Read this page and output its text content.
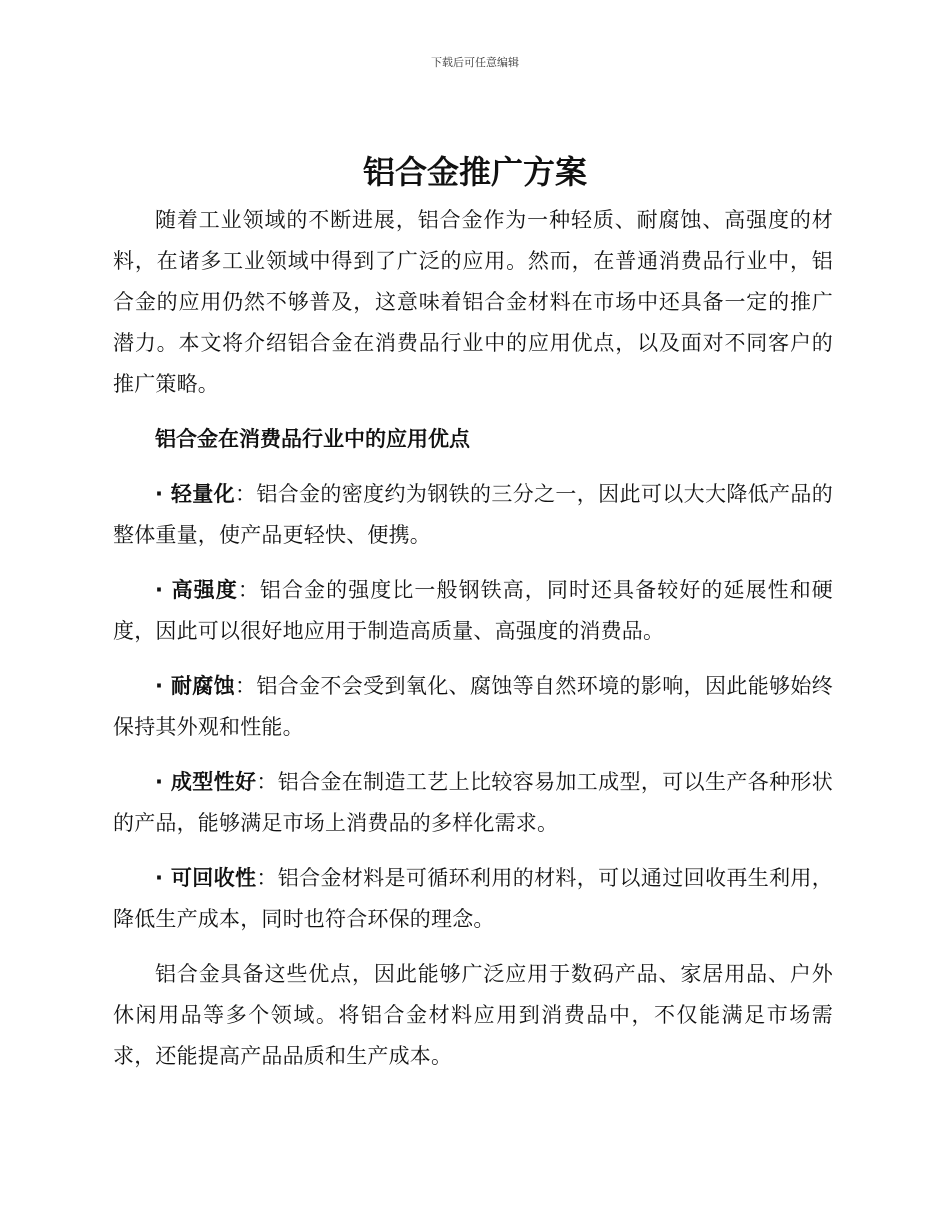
下载后可任意编辑
铝合金推广方案

随着工业领域的不断进展，铝合金作为一种轻质、耐腐蚀、高强度的材料，在诸多工业领域中得到了广泛的应用。然而，在普通消费品行业中，铝合金的应用仍然不够普及，这意味着铝合金材料在市场中还具备一定的推广潜力。本文将介绍铝合金在消费品行业中的应用优点，以及面对不同客户的推广策略。

铝合金在消费品行业中的应用优点

· 轻量化：铝合金的密度约为钢铁的三分之一，因此可以大大降低产品的整体重量，使产品更轻快、便携。

· 高强度：铝合金的强度比一般钢铁高，同时还具备较好的延展性和硬度，因此可以很好地应用于制造高质量、高强度的消费品。

· 耐腐蚀：铝合金不会受到氧化、腐蚀等自然环境的影响，因此能够始终保持其外观和性能。

· 成型性好：铝合金在制造工艺上比较容易加工成型，可以生产各种形状的产品，能够满足市场上消费品的多样化需求。

· 可回收性：铝合金材料是可循环利用的材料，可以通过回收再生利用，降低生产成本，同时也符合环保的理念。

铝合金具备这些优点，因此能够广泛应用于数码产品、家居用品、户外休闲用品等多个领域。将铝合金材料应用到消费品中，不仅能满足市场需求，还能提高产品品质和生产成本。
